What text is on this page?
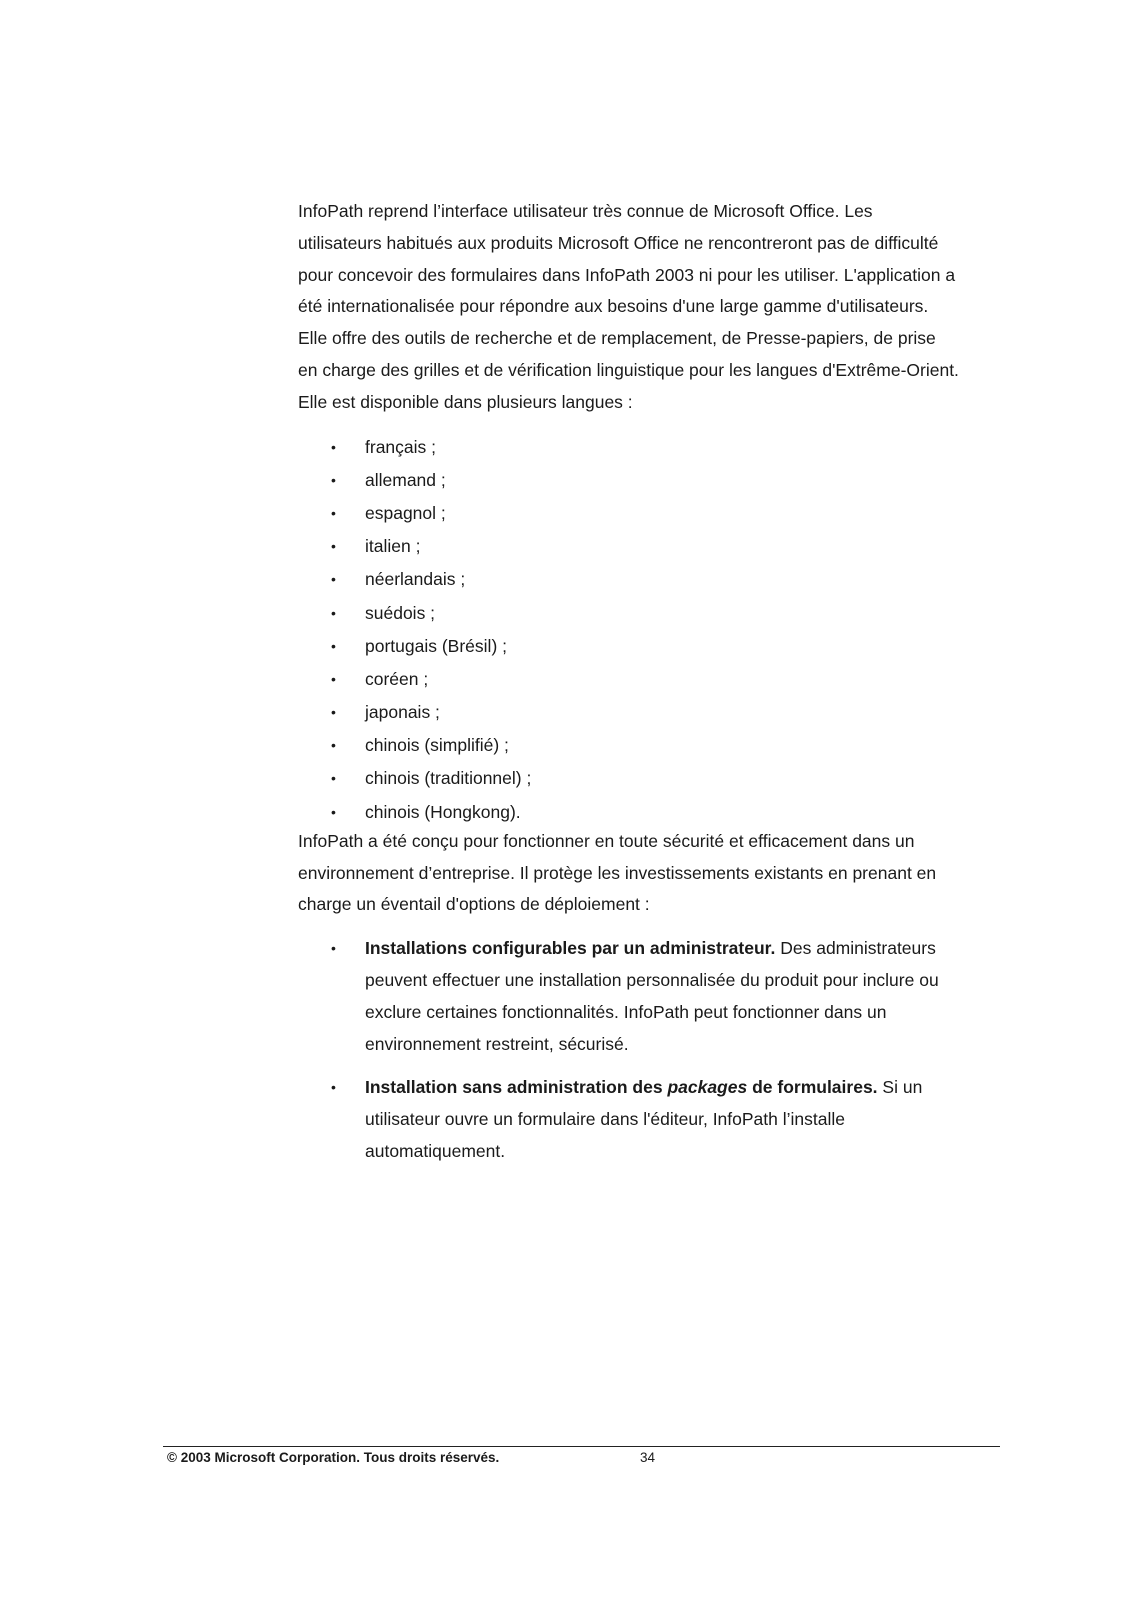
InfoPath reprend l’interface utilisateur très connue de Microsoft Office. Les
utilisateurs habitués aux produits Microsoft Office ne rencontreront pas de difficulté
pour concevoir des formulaires dans InfoPath 2003 ni pour les utiliser. L'application a
été internationalisée pour répondre aux besoins d'une large gamme d'utilisateurs.
Elle offre des outils de recherche et de remplacement, de Presse-papiers, de prise
en charge des grilles et de vérification linguistique pour les langues d'Extrême-Orient.
Elle est disponible dans plusieurs langues :

• français ;
• allemand ;
• espagnol ;
• italien ;
• néerlandais ;
• suédois ;
• portugais (Brésil) ;
• coréen ;
• japonais ;
• chinois (simplifié) ;
• chinois (traditionnel) ;
• chinois (Hongkong).

InfoPath a été conçu pour fonctionner en toute sécurité et efficacement dans un
environnement d’entreprise. Il protège les investissements existants en prenant en
charge un éventail d'options de déploiement :

• Installations configurables par un administrateur. Des administrateurs
peuvent effectuer une installation personnalisée du produit pour inclure ou
exclure certaines fonctionnalités. InfoPath peut fonctionner dans un
environnement restreint, sécurisé.
• Installation sans administration des packages de formulaires. Si un
utilisateur ouvre un formulaire dans l'éditeur, InfoPath l’installe
automatiquement.
© 2003 Microsoft Corporation. Tous droits réservés.	34
